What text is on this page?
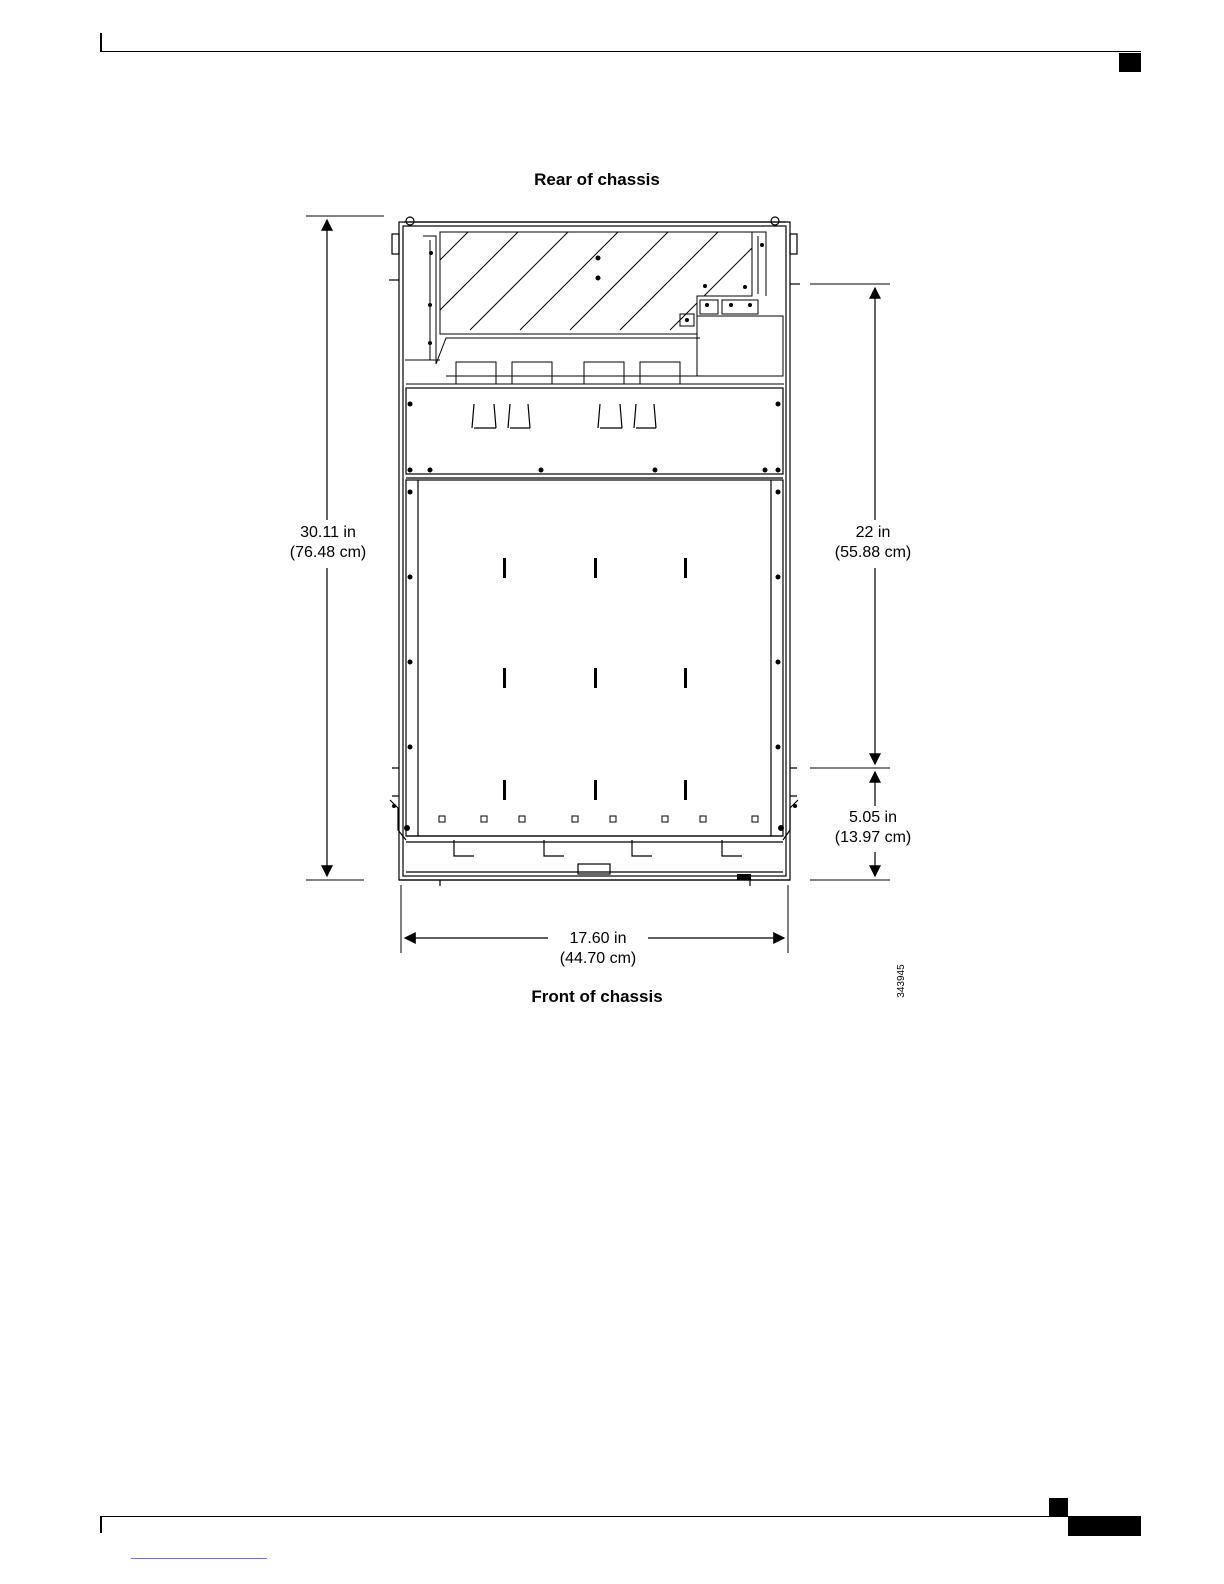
Rear of chassis
30.11 in
(76.48 cm)
22 in
(55.88 cm)
5.05 in
(13.97 cm)
17.60 in
(44.70 cm)
Front of chassis	343945
